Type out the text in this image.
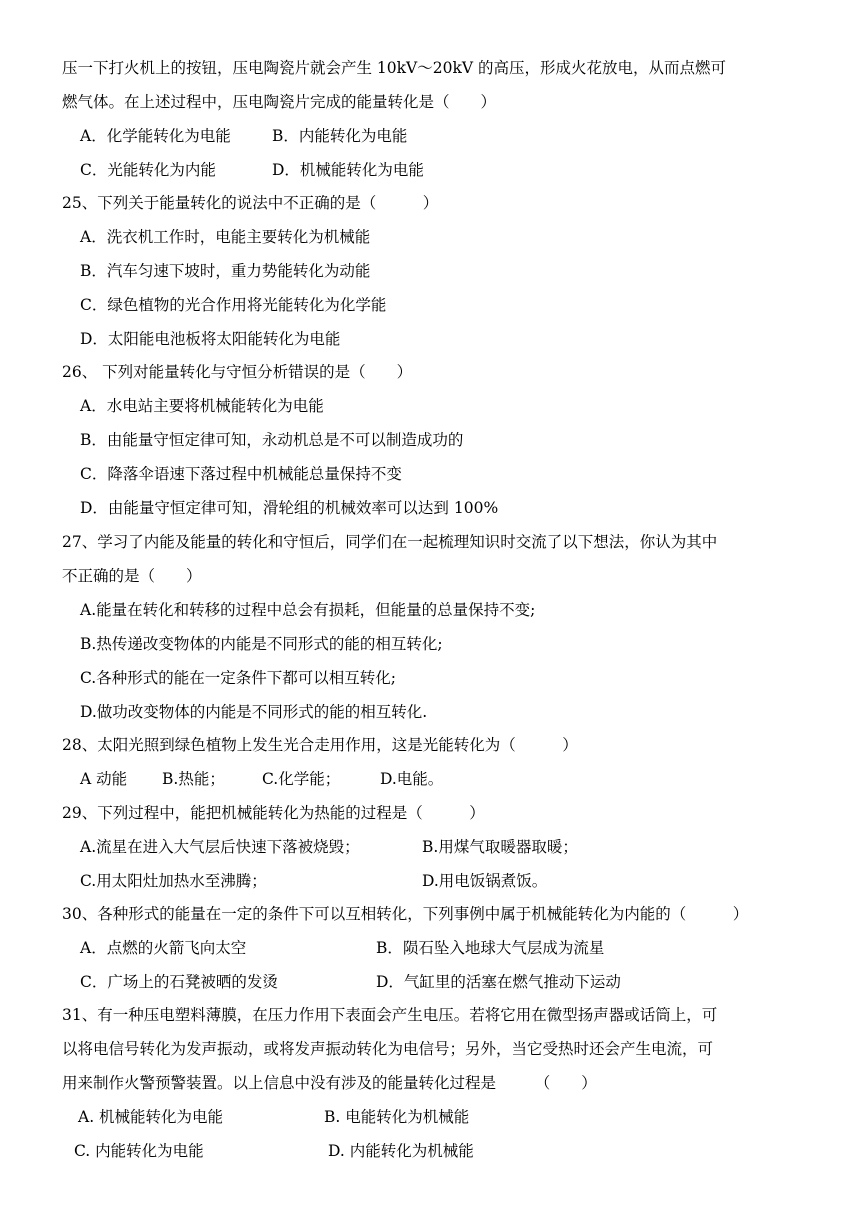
压一下打火机上的按钮，压电陶瓷片就会产生 10kV～20kV 的高压，形成火花放电，从而点燃可
燃气体。在上述过程中，压电陶瓷片完成的能量转化是（　　）
A．化学能转化为电能	B．内能转化为电能
C．光能转化为内能	D．机械能转化为电能
25、下列关于能量转化的说法中不正确的是（　　　）
A．洗衣机工作时，电能主要转化为机械能
B．汽车匀速下坡时，重力势能转化为动能
C．绿色植物的光合作用将光能转化为化学能
D．太阳能电池板将太阳能转化为电能
26、 下列对能量转化与守恒分析错误的是（　　）
A．水电站主要将机械能转化为电能
B．由能量守恒定律可知，永动机总是不可以制造成功的
C．降落伞语速下落过程中机械能总量保持不变
D．由能量守恒定律可知，滑轮组的机械效率可以达到 100%
27、学习了内能及能量的转化和守恒后，同学们在一起梳理知识时交流了以下想法，你认为其中
不正确的是（　　）
A.能量在转化和转移的过程中总会有损耗，但能量的总量保持不变;
B.热传递改变物体的内能是不同形式的能的相互转化;
C.各种形式的能在一定条件下都可以相互转化;
D.做功改变物体的内能是不同形式的能的相互转化.
28、太阳光照到绿色植物上发生光合走用作用，这是光能转化为（　　　）
A 动能 B.热能； C.化学能；	D.电能。
29、下列过程中，能把机械能转化为热能的过程是（　　　）
A.流星在进入大气层后快速下落被烧毁；	B.用煤气取暖器取暖；
C.用太阳灶加热水至沸腾；	D.用电饭锅煮饭。
30、各种形式的能量在一定的条件下可以互相转化，下列事例中属于机械能转化为内能的（　　　）
A．点燃的火箭飞向太空	B．陨石坠入地球大气层成为流星
C．广场上的石凳被晒的发烫	D．气缸里的活塞在燃气推动下运动
31、有一种压电塑料薄膜，在压力作用下表面会产生电压。若将它用在微型扬声器或话筒上，可
以将电信号转化为发声振动，或将发声振动转化为电信号；另外，当它受热时还会产生电流，可
用来制作火警预警装置。以上信息中没有涉及的能量转化过程是　　　（　　）
A. 机械能转化为电能	B. 电能转化为机械能
C. 内能转化为电能	D. 内能转化为机械能
